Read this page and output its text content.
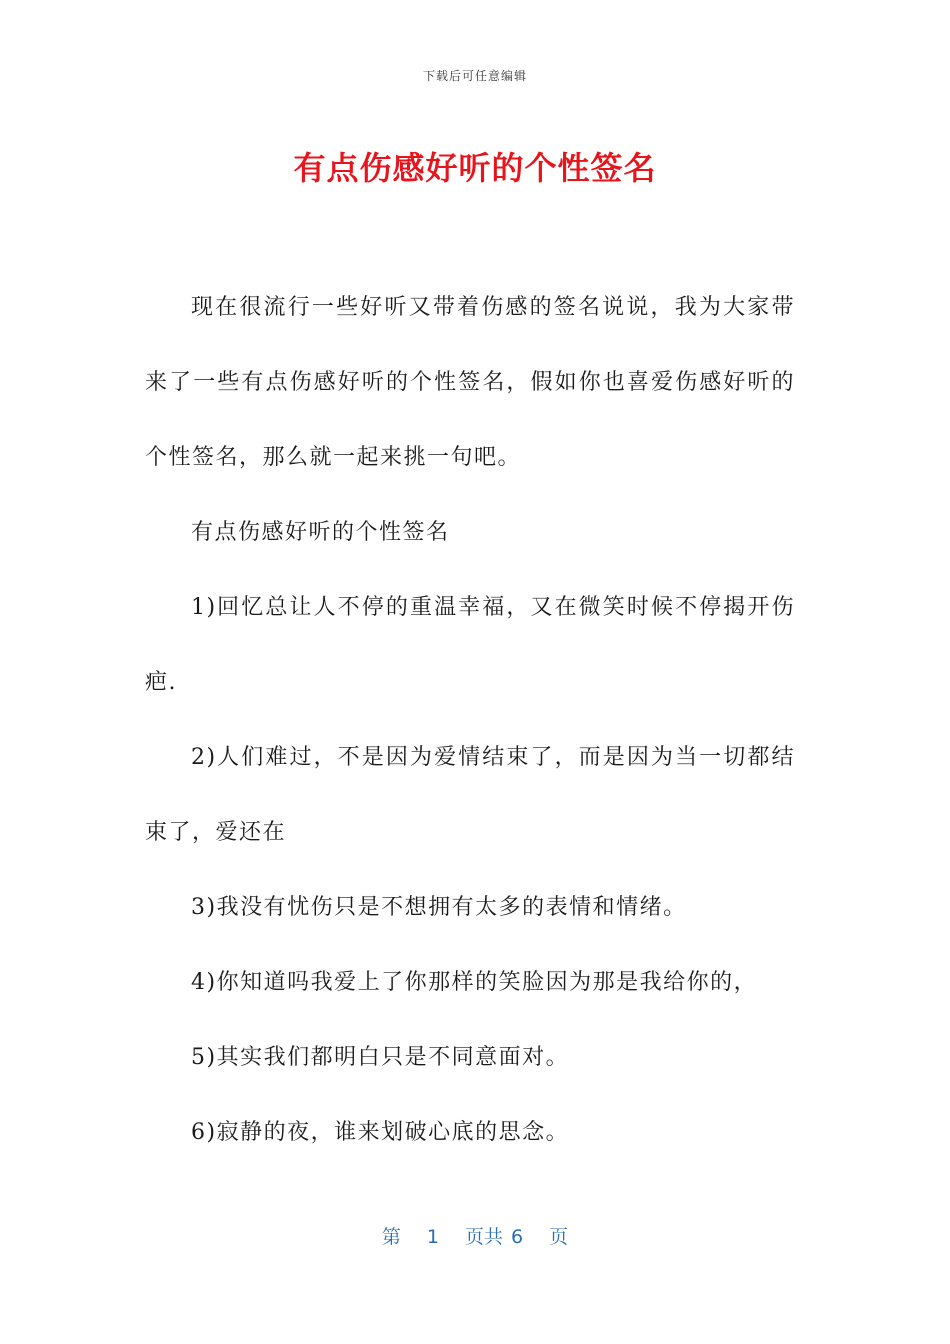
下载后可任意编辑
有点伤感好听的个性签名

现在很流行一些好听又带着伤感的签名说说，我为大家带来了一些有点伤感好听的个性签名，假如你也喜爱伤感好听的个性签名，那么就一起来挑一句吧。

有点伤感好听的个性签名

1)回忆总让人不停的重温幸福，又在微笑时候不停揭开伤疤.

2)人们难过，不是因为爱情结束了，而是因为当一切都结束了，爱还在

3)我没有忧伤只是不想拥有太多的表情和情绪。

4)你知道吗我爱上了你那样的笑脸因为那是我给你的，

5)其实我们都明白只是不同意面对。

6)寂静的夜，谁来划破心底的思念。

第 1 页共 6 页
